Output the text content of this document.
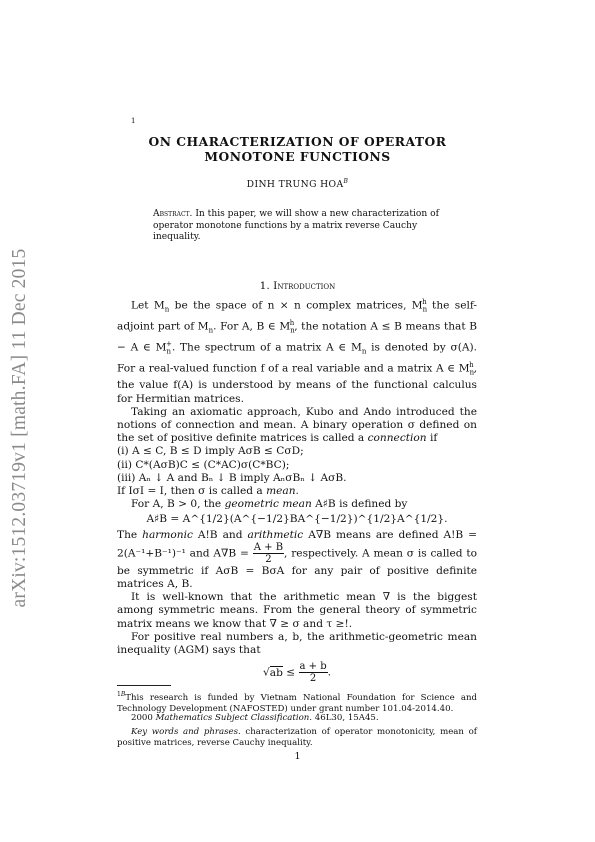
arXiv:1512.03719v1 [math.FA] 11 Dec 2015
1
ON CHARACTERIZATION OF OPERATOR
MONOTONE FUNCTIONS
DINH TRUNG $HOA^B$
Abstract. In this paper, we will show a new characterization of operator monotone functions by a matrix reverse Cauchy inequality.
1. Introduction

Let $M_n$ be the space of n × n complex matrices, $M_n^h$ the self-adjoint part of $M_n$. For A, B ∈ $M_n^h$, the notation A ≤ B means that B − A ∈ $M_n^+$. The spectrum of a matrix A ∈ $M_n$ is denoted by σ(A). For a real-valued function f of a real variable and a matrix A ∈ $M_n^h$, the value f(A) is understood by means of the functional calculus for Hermitian matrices.

Taking an axiomatic approach, Kubo and Ando introduced the notions of connection and mean. A binary operation σ defined on the set of positive definite matrices is called a connection if

(i) A ≤ C, B ≤ D imply AσB ≤ CσD;

(ii) C*(AσB)C ≤ (C*AC)σ(C*BC);

(iii) Aₙ ↓ A and Bₙ ↓ B imply AₙσBₙ ↓ AσB.

If IσI = I, then σ is called a mean.

For A, B > 0, the geometric mean A♯B is defined by

A♯B = A^{1/2}(A^{−1/2}BA^{−1/2})^{1/2}A^{1/2}.

The harmonic A!B and arithmetic A∇B means are defined A!B = 2(A⁻¹+B⁻¹)⁻¹ and $A\nabla B = \frac{A + B}{2}$ , respectively. A mean σ is called to be symmetric if AσB = BσA for any pair of positive definite matrices A, B.

It is well-known that the arithmetic mean ∇ is the biggest among symmetric means. From the general theory of symmetric matrix means we know that ∇ ≥ σ and τ ≥!.

For positive real numbers a, b, the arithmetic-geometric mean inequality (AGM) says that

$√ab \le \frac{a + b}{2}$ .

$^{1B}$This research is funded by Vietnam National Foundation for Science and Technology Development (NAFOSTED) under grant number 101.04-2014.40.
2000 Mathematics Subject Classification. 46L30, 15A45.
Key words and phrases. characterization of operator monotonicity, mean of positive matrices, reverse Cauchy inequality.
1
